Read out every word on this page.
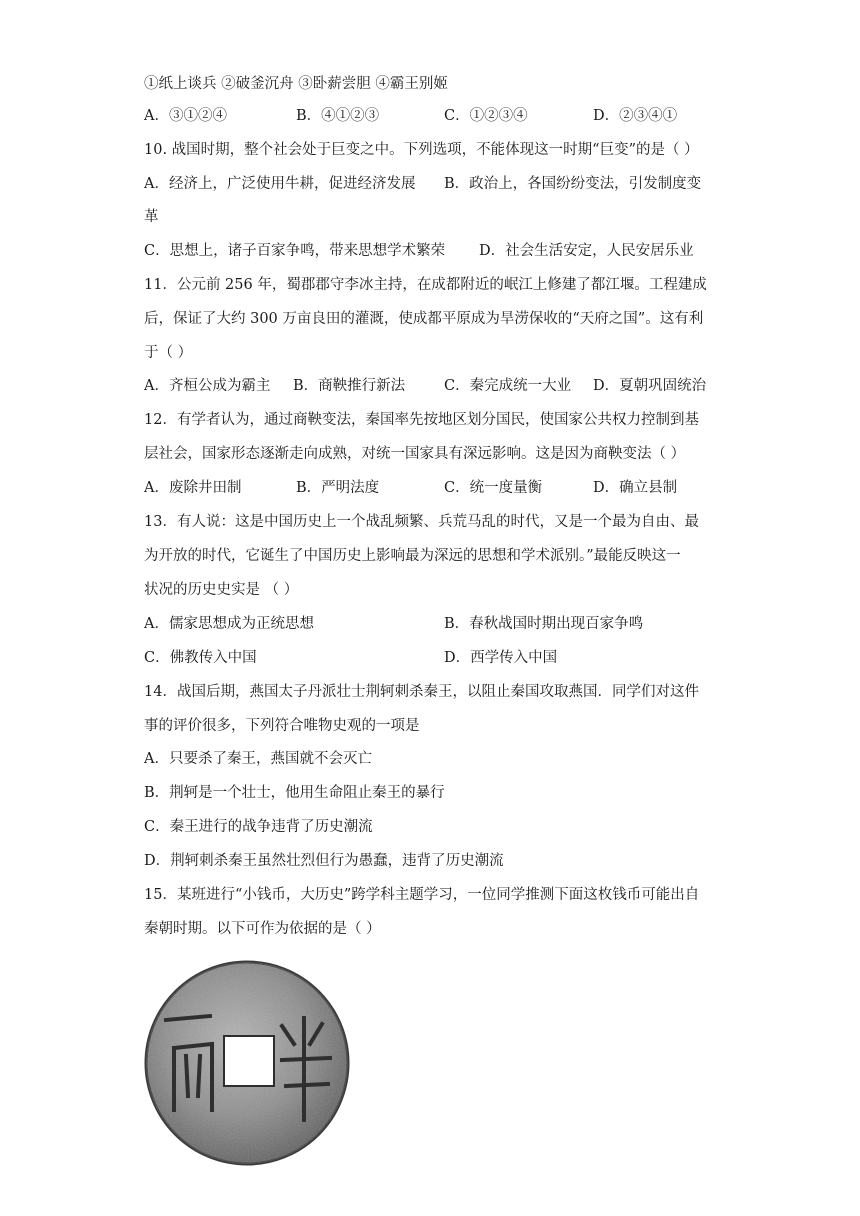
①纸上谈兵 ②破釜沉舟 ③卧薪尝胆 ④霸王别姬
A．③①②④	B．④①②③	C．①②③④	D．②③④①
10. 战国时期，整个社会处于巨变之中。下列选项，不能体现这一时期“巨变”的是（ ）
A．经济上，广泛使用牛耕，促进经济发展 B．政治上，各国纷纷变法，引发制度变
革
C．思想上，诸子百家争鸣，带来思想学术繁荣 D．社会生活安定，人民安居乐业
11．公元前 256 年，蜀郡郡守李冰主持，在成都附近的岷江上修建了都江堰。工程建成
后，保证了大约 300 万亩良田的灌溉，使成都平原成为旱涝保收的“天府之国”。这有利
于（ ）
A．齐桓公成为霸主 B．商鞅推行新法	C．秦完成统一大业 D．夏朝巩固统治
12．有学者认为，通过商鞅变法，秦国率先按地区划分国民，使国家公共权力控制到基
层社会，国家形态逐渐走向成熟，对统一国家具有深远影响。这是因为商鞅变法（ ）
A．废除井田制	B．严明法度	C．统一度量衡	D．确立县制
13．有人说：这是中国历史上一个战乱频繁、兵荒马乱的时代，又是一个最为自由、最
为开放的时代，它诞生了中国历史上影响最为深远的思想和学术派别。”最能反映这一
状况的历史史实是 （ ）
A．儒家思想成为正统思想	B．春秋战国时期出现百家争鸣
C．佛教传入中国	D．西学传入中国
14．战国后期，燕国太子丹派壮士荆轲刺杀秦王，以阻止秦国攻取燕国．同学们对这件
事的评价很多，下列符合唯物史观的一项是
A．只要杀了秦王，燕国就不会灭亡
B．荆轲是一个壮士，他用生命阻止秦王的暴行
C．秦王进行的战争违背了历史潮流
D．荆轲刺杀秦王虽然壮烈但行为愚蠢，违背了历史潮流
15．某班进行“小钱币，大历史”跨学科主题学习，一位同学推测下面这枚钱币可能出自
秦朝时期。以下可作为依据的是（ ）
